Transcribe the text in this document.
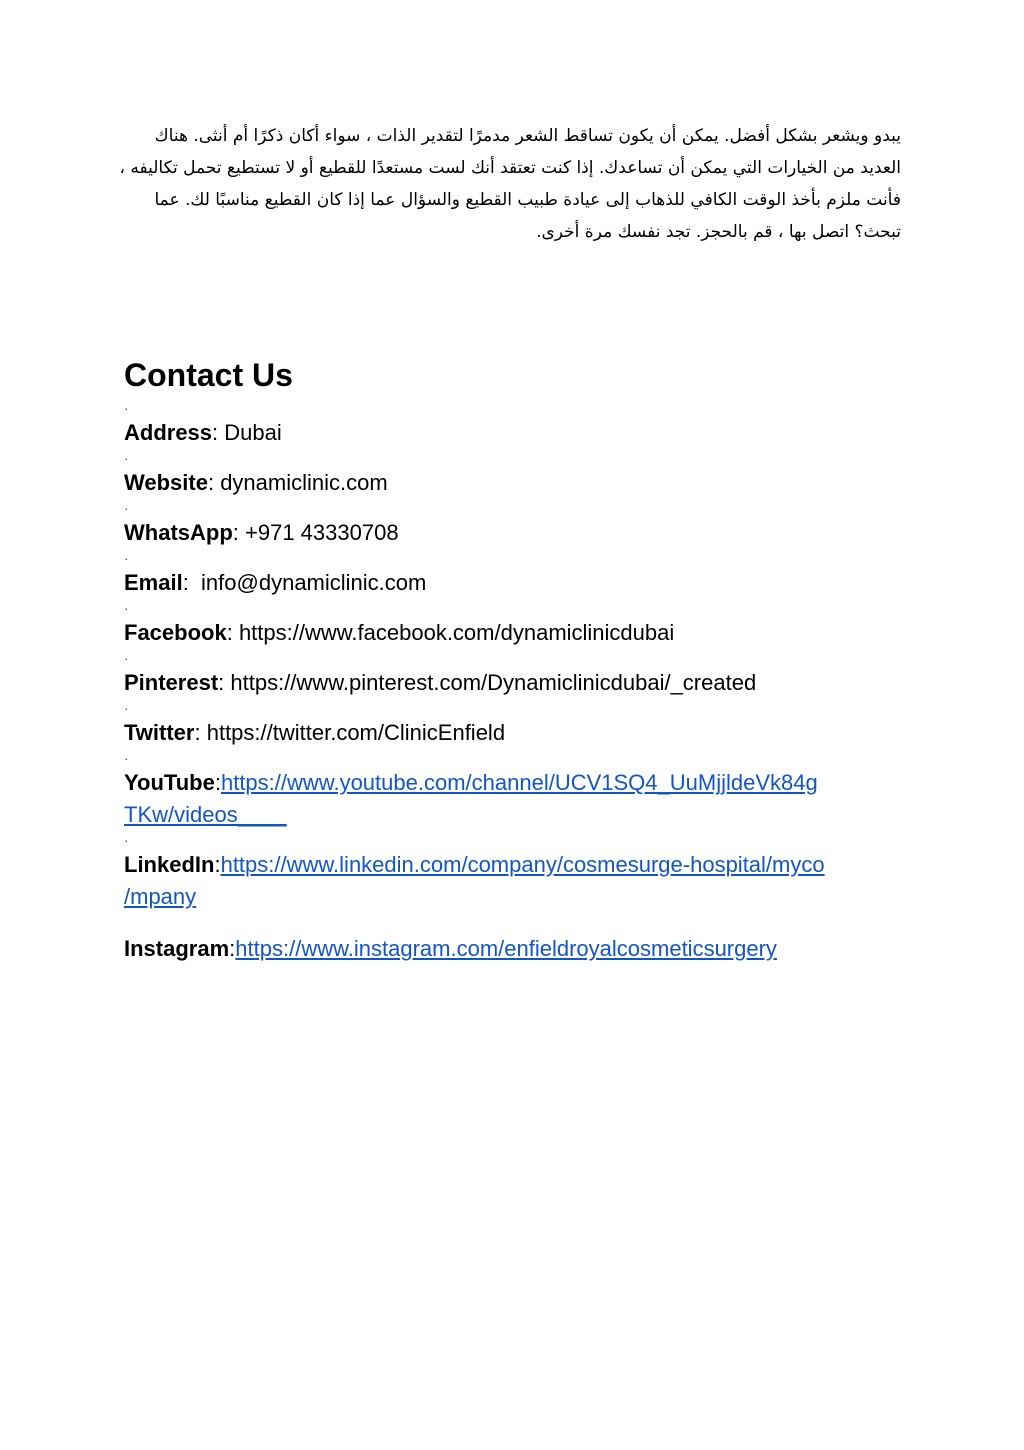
يبدو ويشعر بشكل أفضل. يمكن أن يكون تساقط الشعر مدمرًا لتقدير الذات ، سواء أكان ذكرًا أم أنثى. هناك
العديد من الخيارات التي يمكن أن تساعدك. إذا كنت تعتقد أنك لست مستعدًا للقطيع أو لا تستطيع تحمل تكاليفه ،
فأنت ملزم بأخذ الوقت الكافي للذهاب إلى عيادة طبيب القطيع والسؤال عما إذا كان القطيع مناسبًا لك. عما
تبحث؟ اتصل بها ، قم بالحجز. تجد نفسك مرة أخرى.
Contact Us
·
Address: Dubai
·
Website: dynamiclinic.com
·
WhatsApp: +971 43330708
·
Email:  info@dynamiclinic.com
·
Facebook: https://www.facebook.com/dynamiclinicdubai
·
Pinterest: https://www.pinterest.com/Dynamiclinicdubai/_created
·
Twitter: https://twitter.com/ClinicEnfield
·
YouTube:https://www.youtube.com/channel/UCV1SQ4_UuMjjldeVk84g
TKw/videos____
·
LinkedIn:https://www.linkedin.com/company/cosmesurge-hospital/myco
/mpany
Instagram:https://www.instagram.com/enfieldroyalcosmeticsurgery
